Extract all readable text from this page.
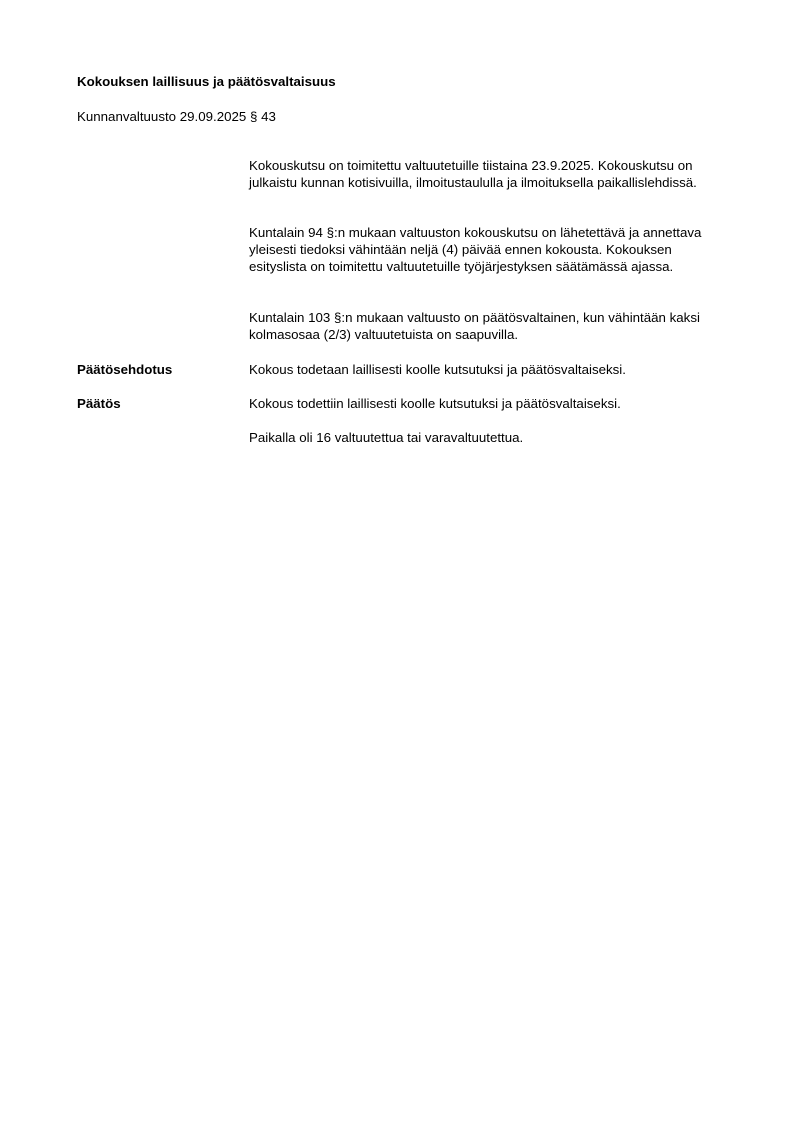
Kokouksen laillisuus ja päätösvaltaisuus
Kunnanvaltuusto 29.09.2025 § 43

Kokouskutsu on toimitettu valtuutetuille tiistaina 23.9.2025. Kokouskutsu on julkaistu kunnan kotisivuilla, ilmoitustaululla ja ilmoituksella paikallislehdissä.

Kuntalain 94 §:n mukaan valtuuston kokouskutsu on lähetettävä ja annettava yleisesti tiedoksi vähintään neljä (4) päivää ennen kokousta. Kokouksen esityslista on toimitettu valtuutetuille työjärjestyksen säätämässä ajassa.

Kuntalain 103 §:n mukaan valtuusto on päätösvaltainen, kun vähintään kaksi kolmasosaa (2/3) valtuutetuista on saapuvilla.

Päätösehdotus	Kokous todetaan laillisesti koolle kutsutuksi ja päätösvaltaiseksi.
Päätös	Kokous todettiin laillisesti koolle kutsutuksi ja päätösvaltaiseksi.
Paikalla oli 16 valtuutettua tai varavaltuutettua.
